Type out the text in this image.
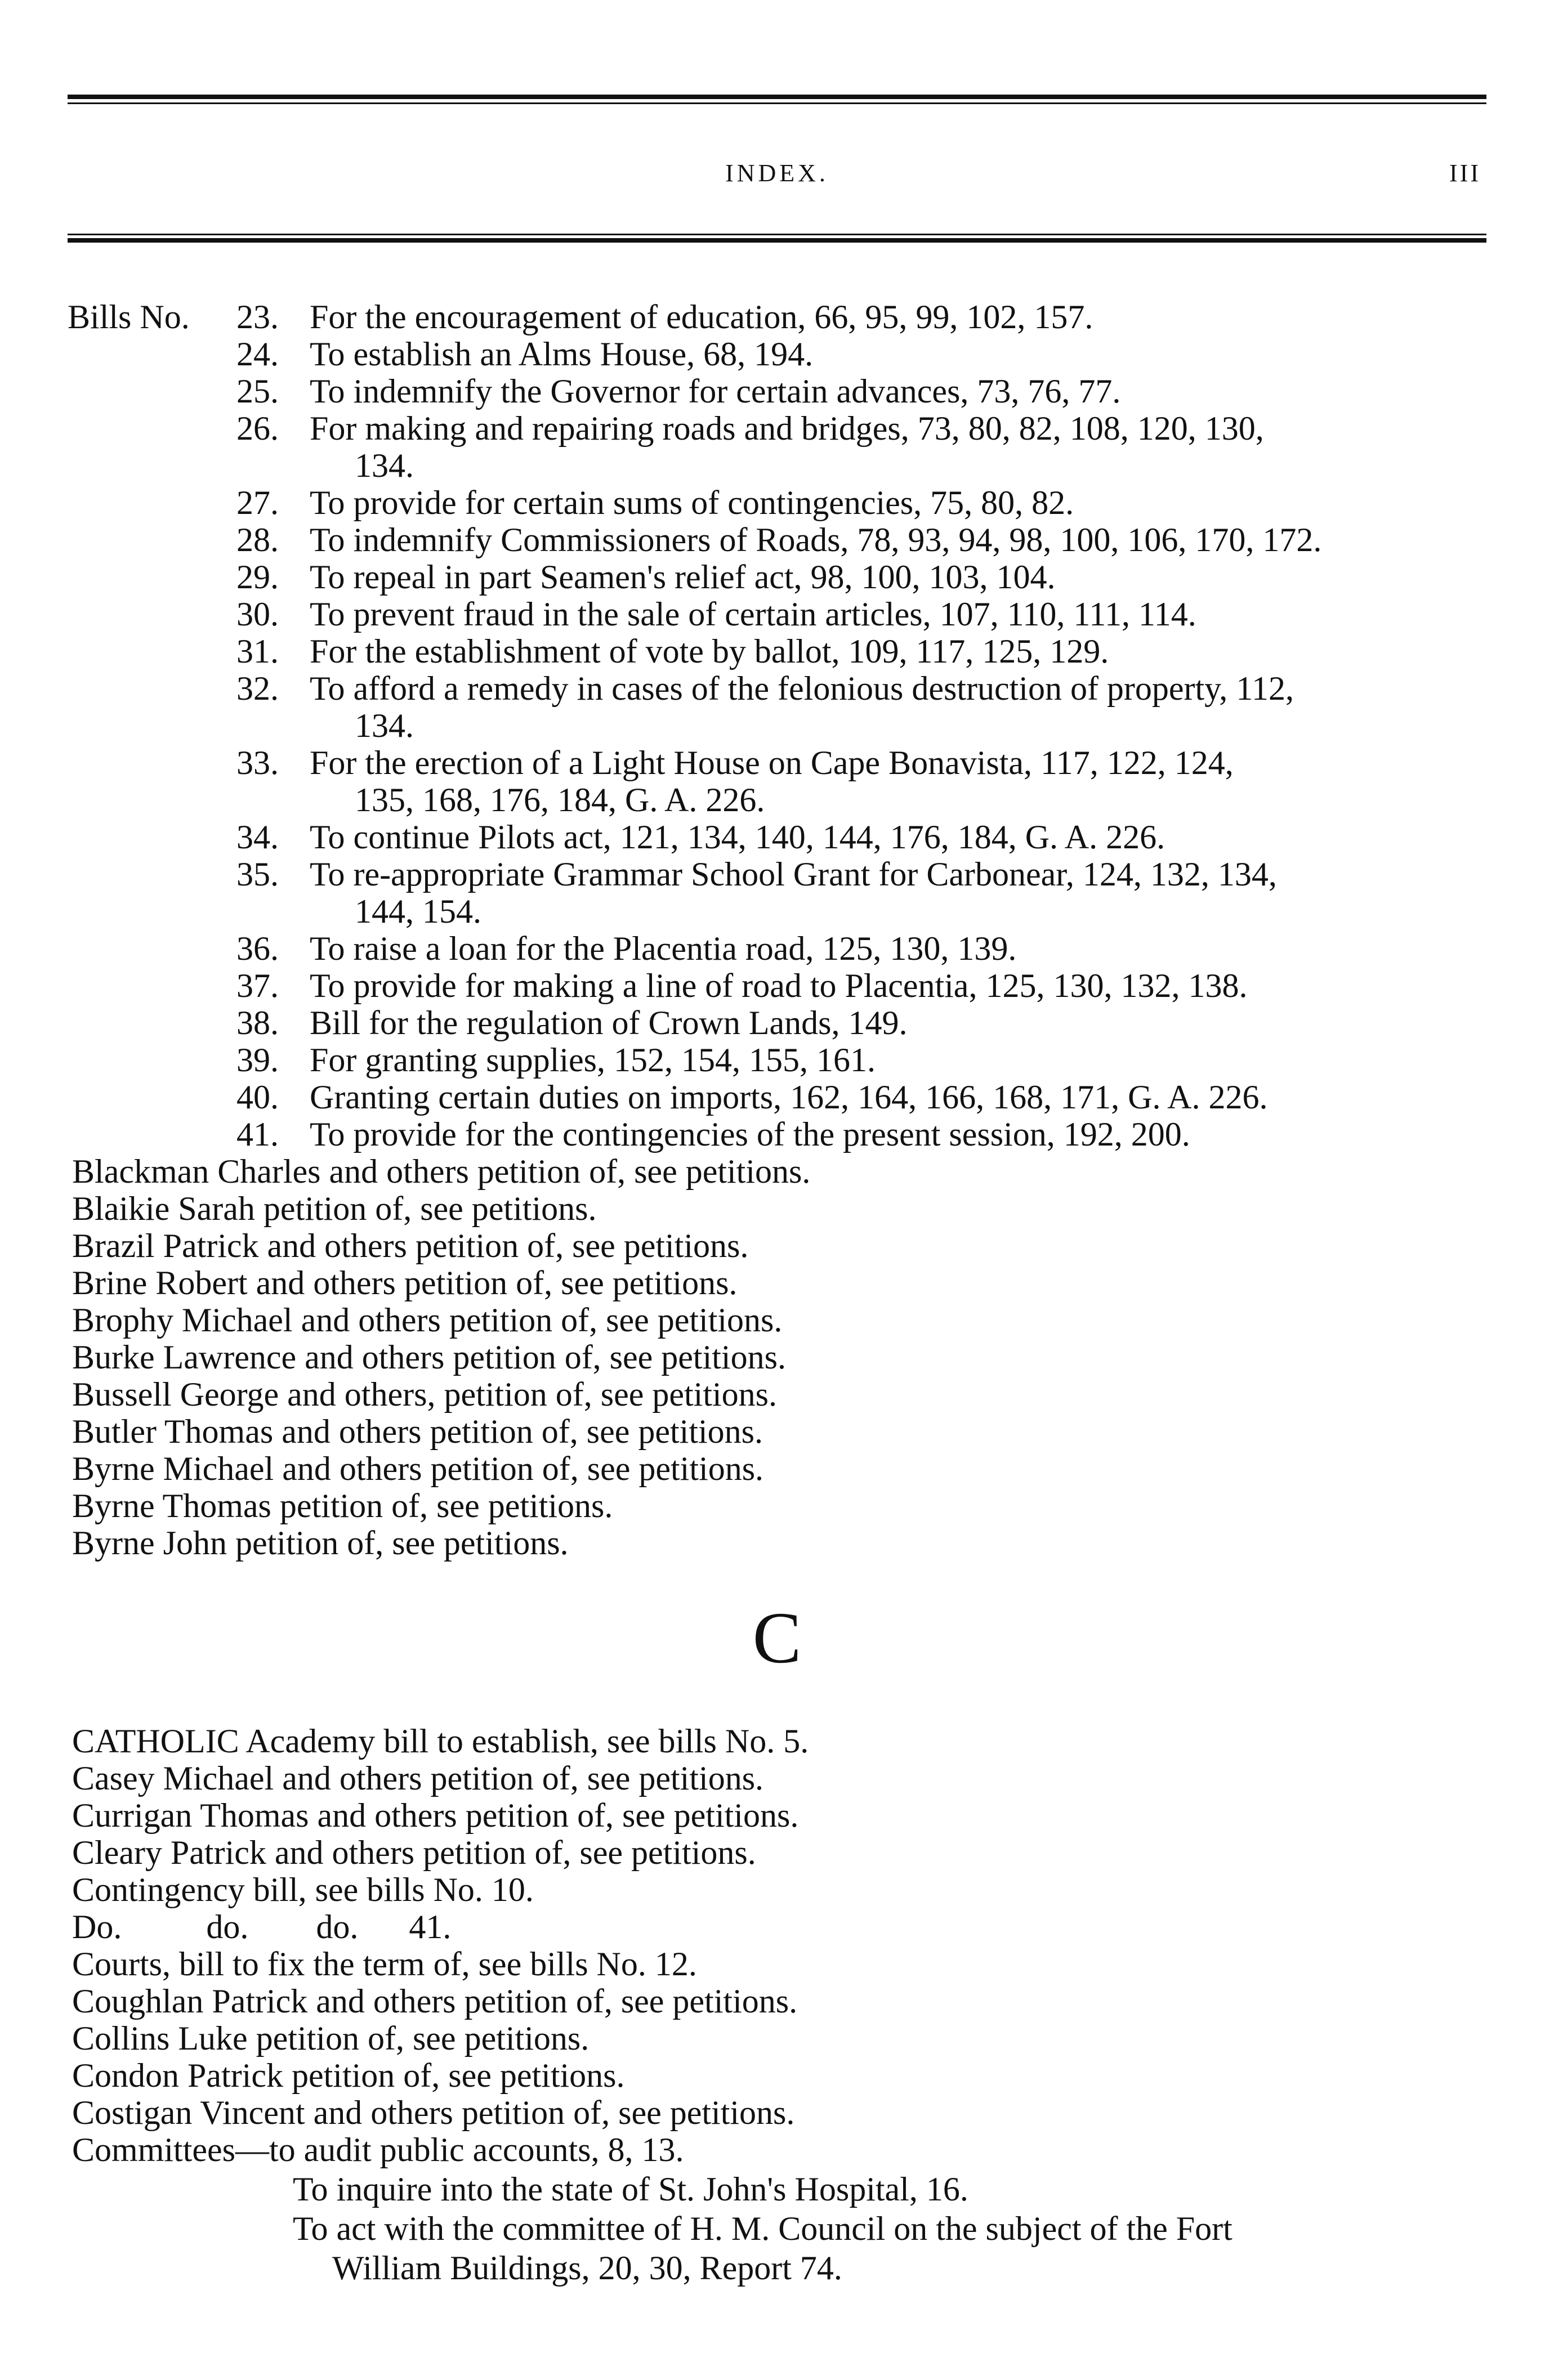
INDEX.	III
Bills No.	23. For the encouragement of education, 66, 95, 99, 102, 157.
24. To establish an Alms House, 68, 194.
25. To indemnify the Governor for certain advances, 73, 76, 77.
26. For making and repairing roads and bridges, 73, 80, 82, 108, 120, 130,
134.
27. To provide for certain sums of contingencies, 75, 80, 82.
28. To indemnify Commissioners of Roads, 78, 93, 94, 98, 100, 106, 170, 172.
29. To repeal in part Seamen's relief act, 98, 100, 103, 104.
30. To prevent fraud in the sale of certain articles, 107, 110, 111, 114.
31. For the establishment of vote by ballot, 109, 117, 125, 129.
32. To afford a remedy in cases of the felonious destruction of property, 112,
134.
33. For the erection of a Light House on Cape Bonavista, 117, 122, 124,
135, 168, 176, 184, G. A. 226.
34. To continue Pilots act, 121, 134, 140, 144, 176, 184, G. A. 226.
35. To re-appropriate Grammar School Grant for Carbonear, 124, 132, 134,
144, 154.
36. To raise a loan for the Placentia road, 125, 130, 139.
37. To provide for making a line of road to Placentia, 125, 130, 132, 138.
38. Bill for the regulation of Crown Lands, 149.
39. For granting supplies, 152, 154, 155, 161.
40. Granting certain duties on imports, 162, 164, 166, 168, 171, G. A. 226.
41. To provide for the contingencies of the present session, 192, 200.
Blackman Charles and others petition of, see petitions.
Blaikie Sarah petition of, see petitions.
Brazil Patrick and others petition of, see petitions.
Brine Robert and others petition of, see petitions.
Brophy Michael and others petition of, see petitions.
Burke Lawrence and others petition of, see petitions.
Bussell George and others, petition of, see petitions.
Butler Thomas and others petition of, see petitions.
Byrne Michael and others petition of, see petitions.
Byrne Thomas petition of, see petitions.
Byrne John petition of, see petitions.
C
CATHOLIC Academy bill to establish, see bills No. 5.
Casey Michael and others petition of, see petitions.
Currigan Thomas and others petition of, see petitions.
Cleary Patrick and others petition of, see petitions.
Contingency bill, see bills No. 10.
Do.          do.        do.      41.
Courts, bill to fix the term of, see bills No. 12.
Coughlan Patrick and others petition of, see petitions.
Collins Luke petition of, see petitions.
Condon Patrick petition of, see petitions.
Costigan Vincent and others petition of, see petitions.
Committees—to audit public accounts, 8, 13.
To inquire into the state of St. John's Hospital, 16.
To act with the committee of H. M. Council on the subject of the Fort
William Buildings, 20, 30, Report 74.
